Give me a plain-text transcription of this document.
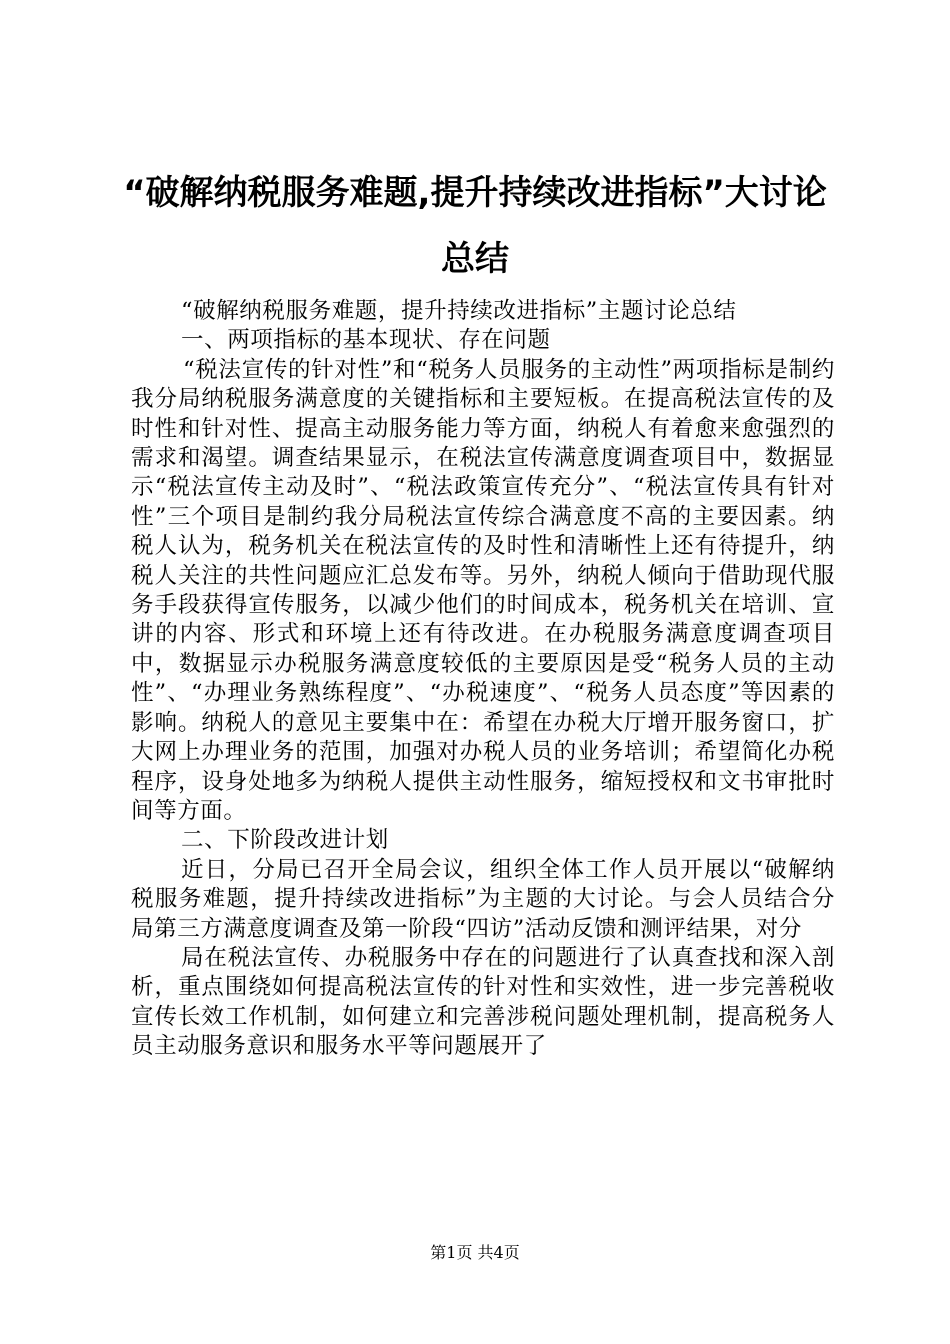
“破解纳税服务难题,提升持续改进指标”大讨论总结

“破解纳税服务难题，提升持续改进指标”主题讨论总结

一、两项指标的基本现状、存在问题

“税法宣传的针对性”和“税务人员服务的主动性”两项指标是制约我分局纳税服务满意度的关键指标和主要短板。在提高税法宣传的及时性和针对性、提高主动服务能力等方面，纳税人有着愈来愈强烈的需求和渴望。调查结果显示，在税法宣传满意度调查项目中，数据显示“税法宣传主动及时”、“税法政策宣传充分”、“税法宣传具有针对性”三个项目是制约我分局税法宣传综合满意度不高的主要因素。纳税人认为，税务机关在税法宣传的及时性和清晰性上还有待提升，纳税人关注的共性问题应汇总发布等。另外，纳税人倾向于借助现代服务手段获得宣传服务，以减少他们的时间成本，税务机关在培训、宣讲的内容、形式和环境上还有待改进。在办税服务满意度调查项目中，数据显示办税服务满意度较低的主要原因是受“税务人员的主动性”、“办理业务熟练程度”、“办税速度”、“税务人员态度”等因素的影响。纳税人的意见主要集中在：希望在办税大厅增开服务窗口，扩大网上办理业务的范围，加强对办税人员的业务培训；希望简化办税程序，设身处地多为纳税人提供主动性服务，缩短授权和文书审批时间等方面。

二、下阶段改进计划

近日，分局已召开全局会议，组织全体工作人员开展以“破解纳税服务难题，提升持续改进指标”为主题的大讨论。与会人员结合分局第三方满意度调查及第一阶段“四访”活动反馈和测评结果，对分

局在税法宣传、办税服务中存在的问题进行了认真查找和深入剖析，重点围绕如何提高税法宣传的针对性和实效性，进一步完善税收宣传长效工作机制，如何建立和完善涉税问题处理机制，提高税务人员主动服务意识和服务水平等问题展开了

第1页 共4页
